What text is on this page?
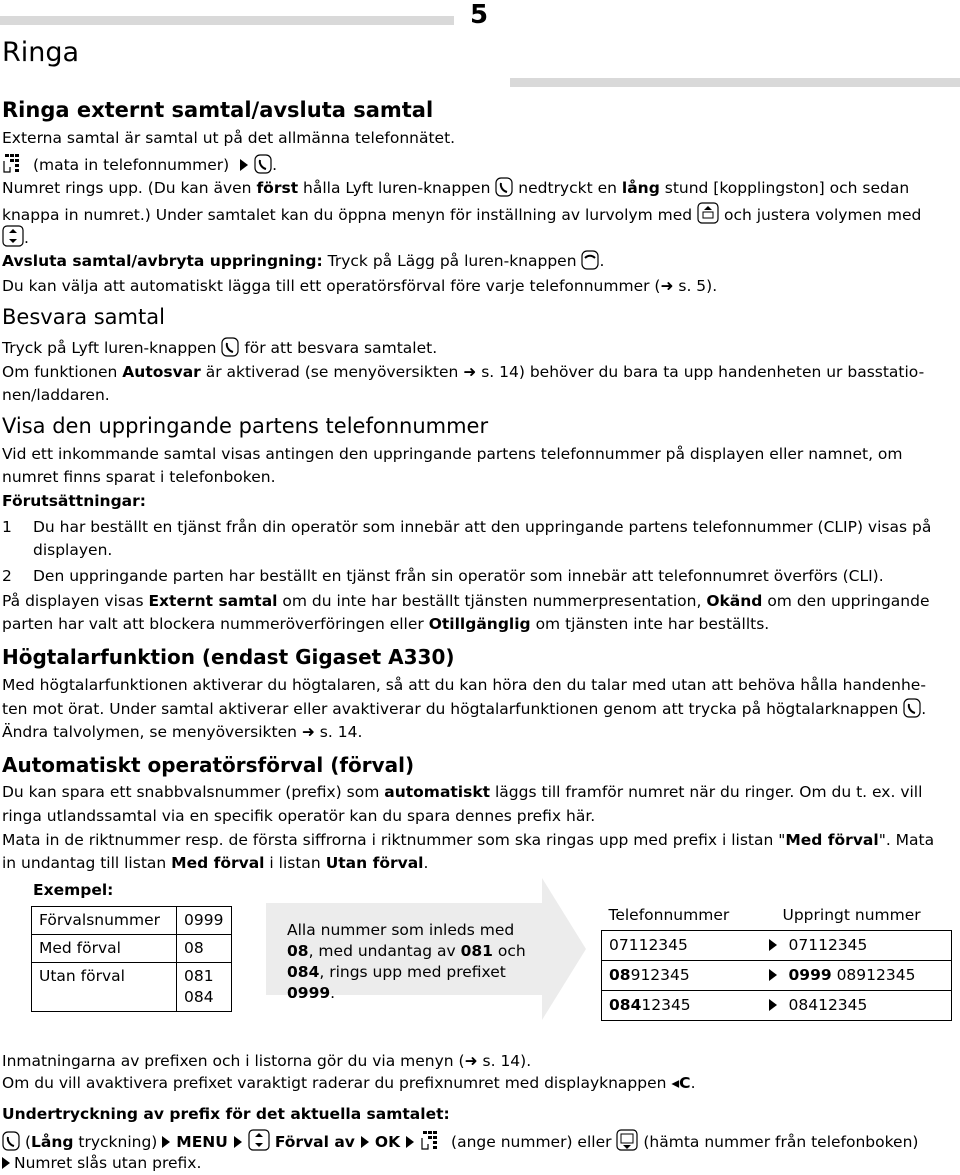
5
Ringa
Ringa externt samtal/avsluta samtal
Externa samtal är samtal ut på det allmänna telefonnätet.
(mata in telefonnummer)	.
Numret rings upp. (Du kan även först hålla Lyft luren-knappen  nedtryckt en lång stund [kopplingston] och sedan
knappa in numret.) Under samtalet kan du öppna menyn för inställning av lurvolym med  och justera volymen med
.
Avsluta samtal/avbryta uppringning: Tryck på Lägg på luren-knappen .
Du kan välja att automatiskt lägga till ett operatörsförval före varje telefonnummer (➜ s. 5).
Besvara samtal
Tryck på Lyft luren-knappen  för att besvara samtalet.
Om funktionen Autosvar är aktiverad (se menyöversikten ➜ s. 14) behöver du bara ta upp handenheten ur basstatio-
nen/laddaren.
Visa den uppringande partens telefonnummer
Vid ett inkommande samtal visas antingen den uppringande partens telefonnummer på displayen eller namnet, om
numret finns sparat i telefonboken.
Förutsättningar:
1 Du har beställt en tjänst från din operatör som innebär att den uppringande partens telefonnummer (CLIP) visas på
displayen.
2 Den uppringande parten har beställt en tjänst från sin operatör som innebär att telefonnumret överförs (CLI).
På displayen visas Externt samtal om du inte har beställt tjänsten nummerpresentation, Okänd om den uppringande
parten har valt att blockera nummeröverföringen eller Otillgänglig om tjänsten inte har beställts.
Högtalarfunktion (endast Gigaset A330)
Med högtalarfunktionen aktiverar du högtalaren, så att du kan höra den du talar med utan att behöva hålla handenhe-
ten mot örat. Under samtal aktiverar eller avaktiverar du högtalarfunktionen genom att trycka på högtalarknappen .
Ändra talvolymen, se menyöversikten ➜ s. 14.
Automatiskt operatörsförval (förval)
Du kan spara ett snabbvalsnummer (prefix) som automatiskt läggs till framför numret när du ringer. Om du t. ex. vill
ringa utlandssamtal via en specifik operatör kan du spara dennes prefix här.
Mata in de riktnummer resp. de första siffrorna i riktnummer som ska ringas upp med prefix i listan "Med förval". Mata
in undantag till listan Med förval i listan Utan förval.
Exempel:
Förvalsnummer	0999
Med förval	08
Utan förval	081
084
Alla nummer som inleds med
08, med undantag av 081 och
084, rings upp med prefixet
0999.
Telefonnummer	Uppringt nummer
07112345	07112345
08912345	0999 08912345
08412345	08412345
Inmatningarna av prefixen och i listorna gör du via menyn (➜ s. 14).
Om du vill avaktivera prefixet varaktigt raderar du prefixnumret med displayknappen ◂C.
Undertryckning av prefix för det aktuella samtalet:
(Lång tryckning) MENU	Förval av OK	(ange nummer) eller  (hämta nummer från telefonboken)
Numret slås utan prefix.
